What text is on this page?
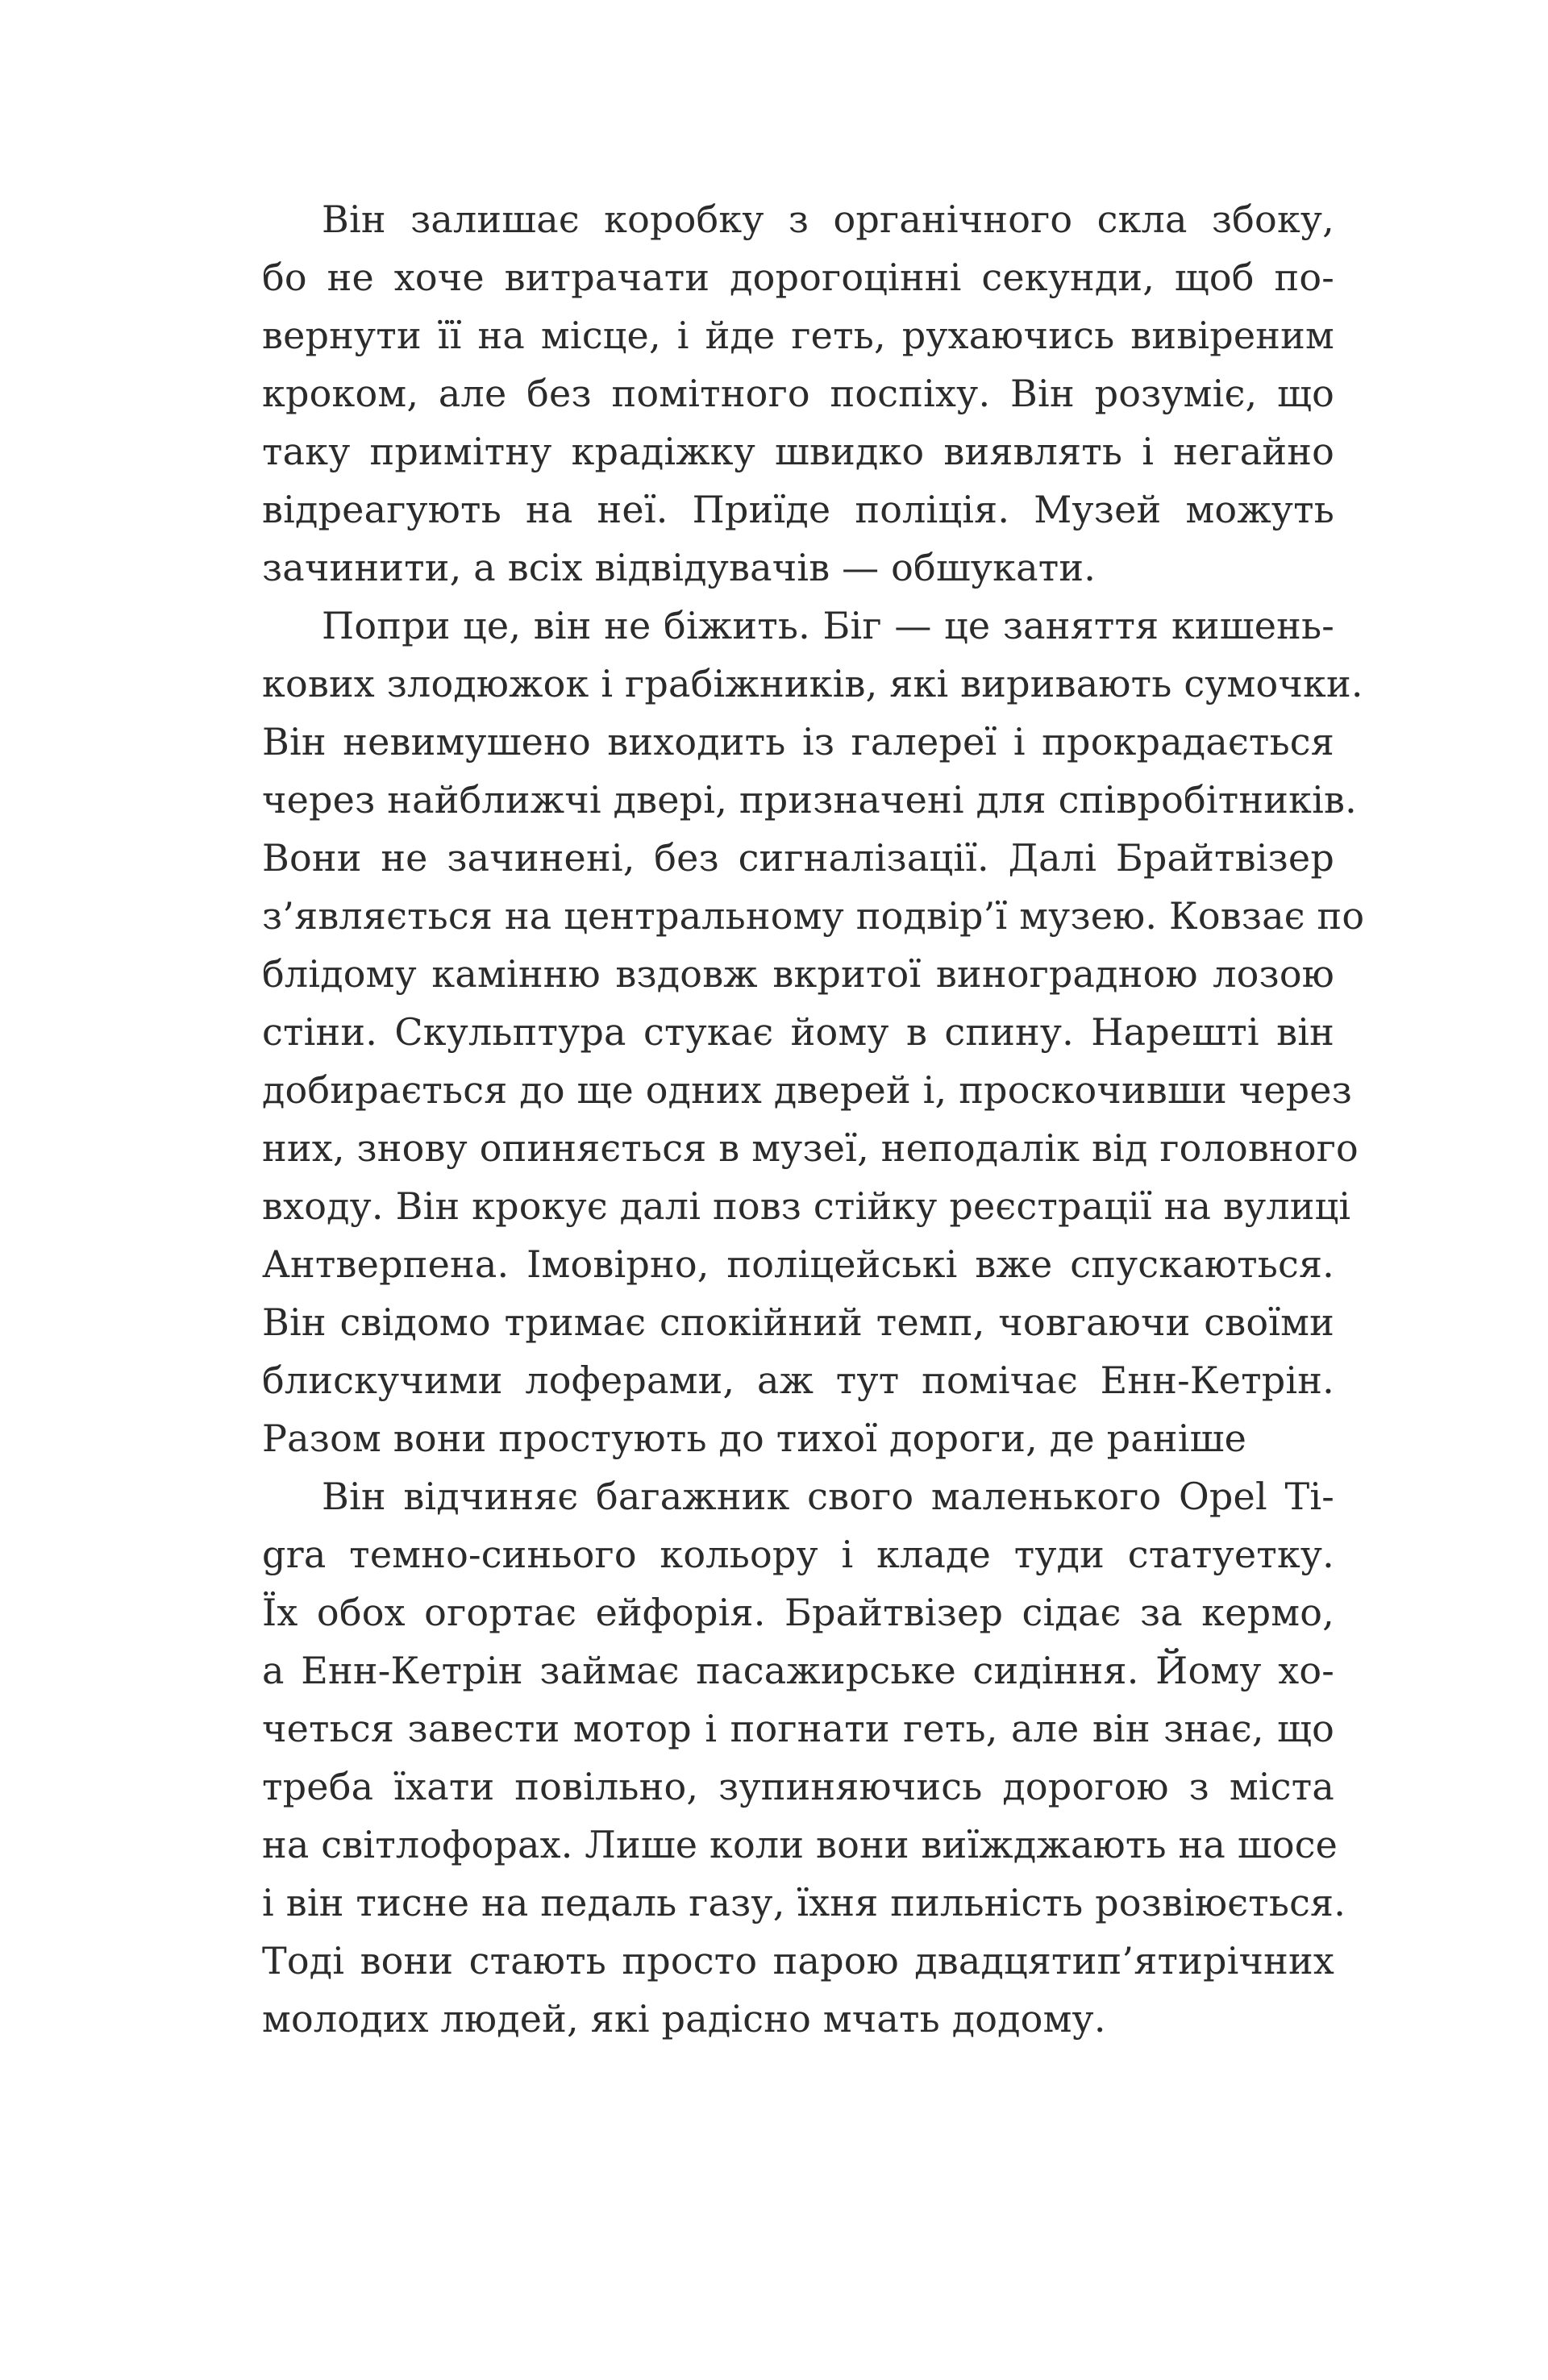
Він залишає коробку з органічного скла збоку,
бо не хоче витрачати дорогоцінні секунди, щоб по-
вернути її на місце, і йде геть, рухаючись вивіреним
кроком, але без помітного поспіху. Він розуміє, що
таку примітну крадіжку швидко виявлять і негайно
відреагують на неї. Приїде поліція. Музей можуть
зачинити, а всіх відвідувачів — обшукати.
Попри це, він не біжить. Біг — це заняття кишень-
кових злодюжок і грабіжників, які виривають сумочки.
Він невимушено виходить із галереї і прокрадається
через найближчі двері, призначені для співробітників.
Вони не зачинені, без сигналізації. Далі Брайтвізер
з’являється на центральному подвір’ї музею. Ковзає по
блідому камінню вздовж вкритої виноградною лозою
стіни. Скульптура стукає йому в спину. Нарешті він
добирається до ще одних дверей і, проскочивши через
них, знову опиняється в музеї, неподалік від головного
входу. Він крокує далі повз стійку реєстрації на вулиці
Антверпена. Імовірно, поліцейські вже спускаються.
Він свідомо тримає спокійний темп, човгаючи своїми
блискучими лоферами, аж тут помічає Енн-Кетрін.
Разом вони простують до тихої дороги, де раніше
Він відчиняє багажник свого маленького Opel Ti-
gra темно-синього кольору і кладе туди статуетку.
Їх обох огортає ейфорія. Брайтвізер сідає за кермо,
а Енн-Кетрін займає пасажирське сидіння. Йому хо-
четься завести мотор і погнати геть, але він знає, що
треба їхати повільно, зупиняючись дорогою з міста
на світлофорах. Лише коли вони виїжджають на шосе
і він тисне на педаль газу, їхня пильність розвіюється.
Тоді вони стають просто парою двадцятип’ятирічних
молодих людей, які радісно мчать додому.
